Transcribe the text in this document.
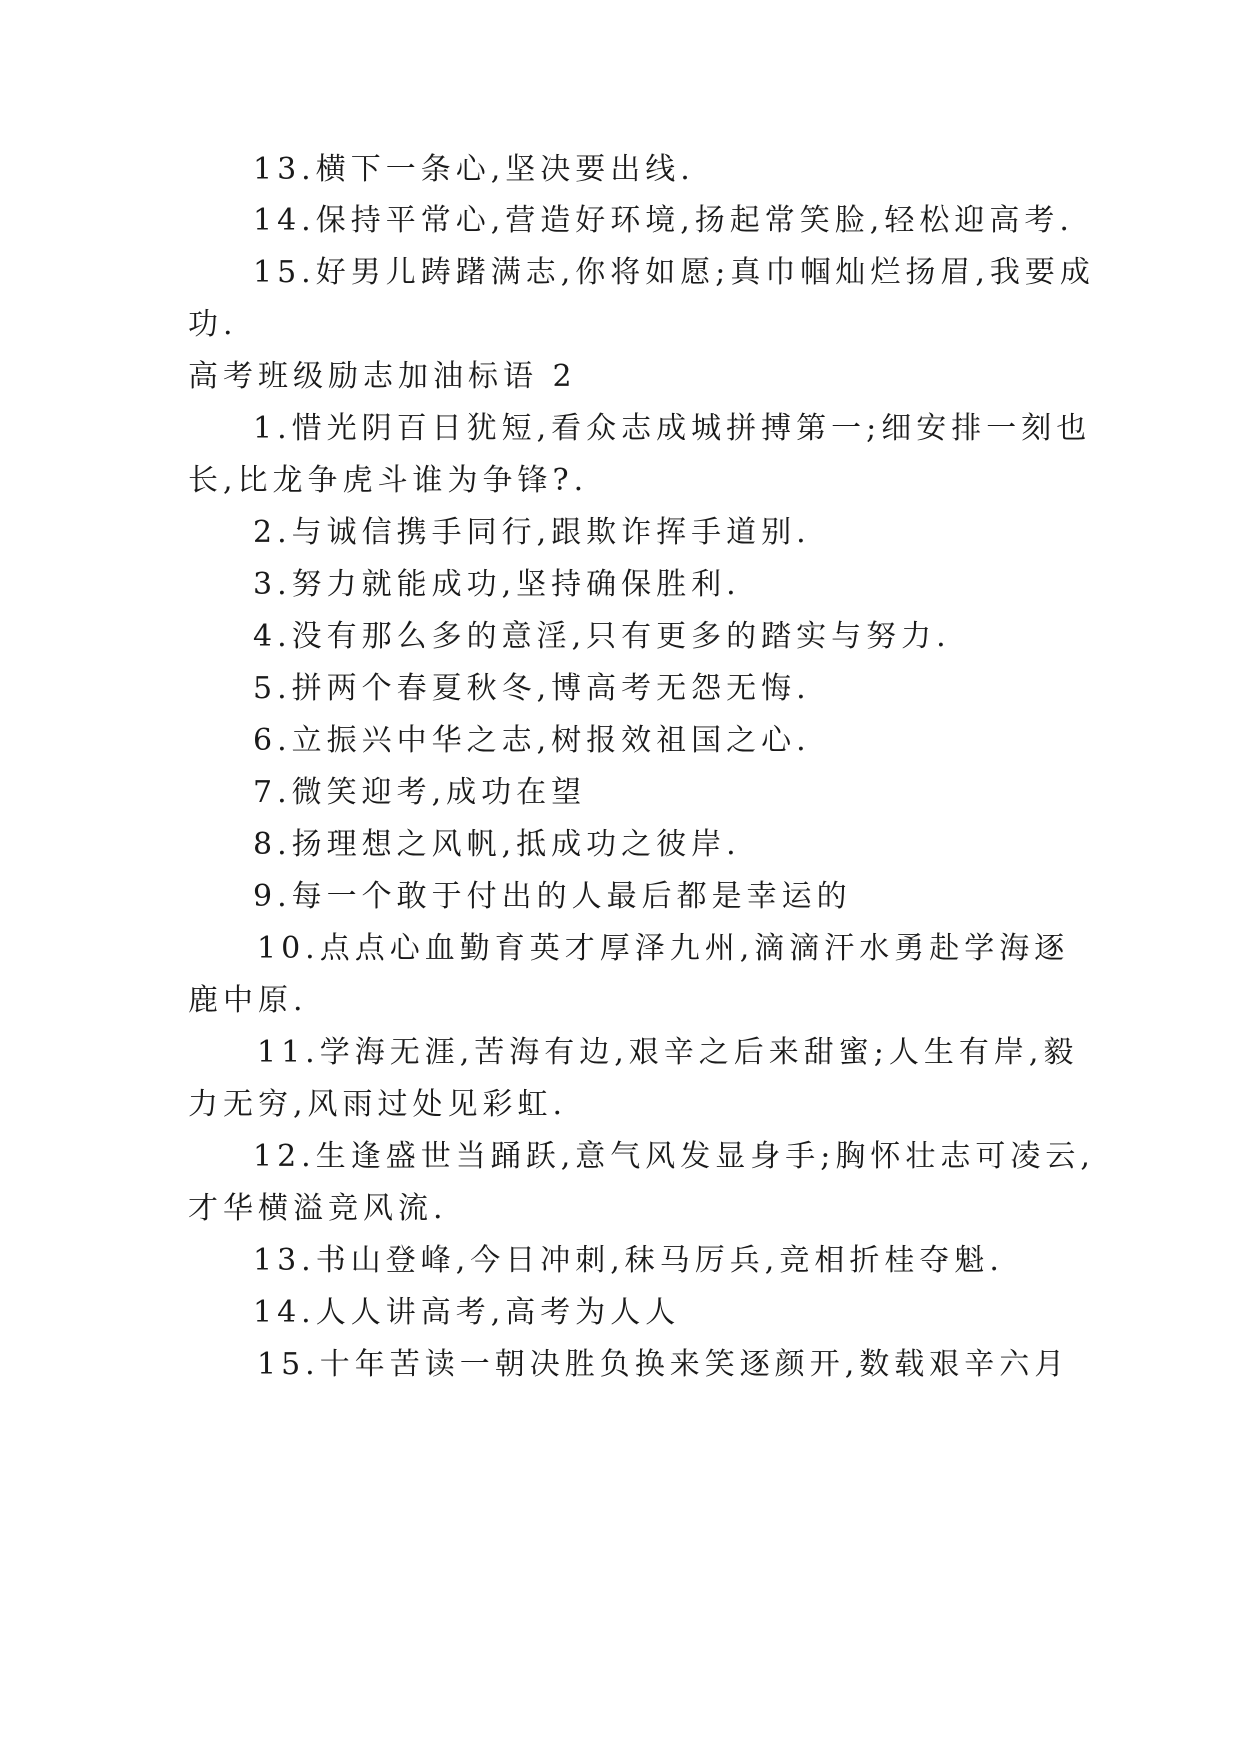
13.横下一条心,坚决要出线.
14.保持平常心,营造好环境,扬起常笑脸,轻松迎高考.
15.好男儿踌躇满志,你将如愿;真巾帼灿烂扬眉,我要成
功.
高考班级励志加油标语 2
1.惜光阴百日犹短,看众志成城拼搏第一;细安排一刻也
长,比龙争虎斗谁为争锋?.
2.与诚信携手同行,跟欺诈挥手道别.
3.努力就能成功,坚持确保胜利.
4.没有那么多的意淫,只有更多的踏实与努力.
5.拼两个春夏秋冬,博高考无怨无悔.
6.立振兴中华之志,树报效祖国之心.
7.微笑迎考,成功在望
8.扬理想之风帆,抵成功之彼岸.
9.每一个敢于付出的人最后都是幸运的
10.点点心血勤育英才厚泽九州,滴滴汗水勇赴学海逐
鹿中原.
11.学海无涯,苦海有边,艰辛之后来甜蜜;人生有岸,毅
力无穷,风雨过处见彩虹.
12.生逢盛世当踊跃,意气风发显身手;胸怀壮志可凌云,
才华横溢竞风流.
13.书山登峰,今日冲刺,秣马厉兵,竞相折桂夺魁.
14.人人讲高考,高考为人人
15.十年苦读一朝决胜负换来笑逐颜开,数载艰辛六月
